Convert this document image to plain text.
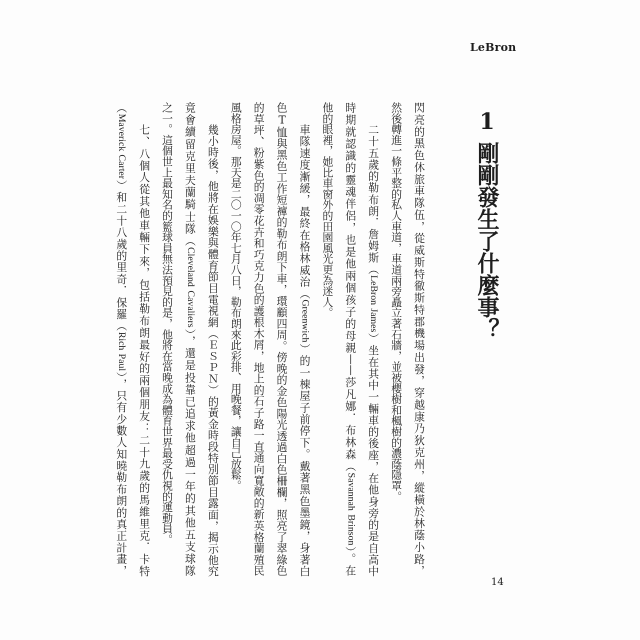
LeBron
1剛剛發生了什麼事？
閃亮的黑色休旅車隊伍，從威斯特徹斯特郡機場出發，穿越康乃狄克州，縱橫於林蔭小路，
然後轉進一條平整的私人車道，車道兩旁矗立著石牆，並被櫻樹和楓樹的濃蔭隱罩。
二十五歲的勒布朗．詹姆斯（LeBron James）坐在其中一輛車的後座，在他身旁的是自高中
時期就認識的靈魂伴侶，也是他兩個孩子的母親——莎凡娜．布林森（Savannah Brinson）。在
他的眼裡，她比車窗外的田園風光更為迷人。
車隊速度漸緩，最終在格林威治（Greenwich）的一棟屋子前停下。戴著黑色墨鏡，身著白
色T恤與黑色工作短褲的勒布朗下車，環顧四周。傍晚的金色陽光透過白色柵欄，照亮了翠綠色
的草坪、粉紫色的凋零花卉和巧克力色的護根木屑，地上的石子路一直通向寬敞的新英格蘭殖民
風格房屋。那天是二〇一〇年七月八日，勒布朗來此彩排、用晚餐，讓自己放鬆。
幾小時後，他將在娛樂與體育節目電視網（ＥＳＰＮ）的黃金時段特別節目露面，揭示他究
竟會續留克里夫蘭騎士隊（Cleveland Cavaliers），還是投靠已追求他超過一年的其他五支球隊
之一。這個世上最知名的籃球員無法預見的是，他將在當晚成為體育世界最受仇視的運動員。
七、八個人從其他車輛下來，包括勒布朗最好的兩個朋友：二十九歲的馬維里克．卡特
（Maverick Carter）和二十八歲的里奇．保羅（Rich Paul），只有少數人知曉勒布朗的真正計畫，
14
